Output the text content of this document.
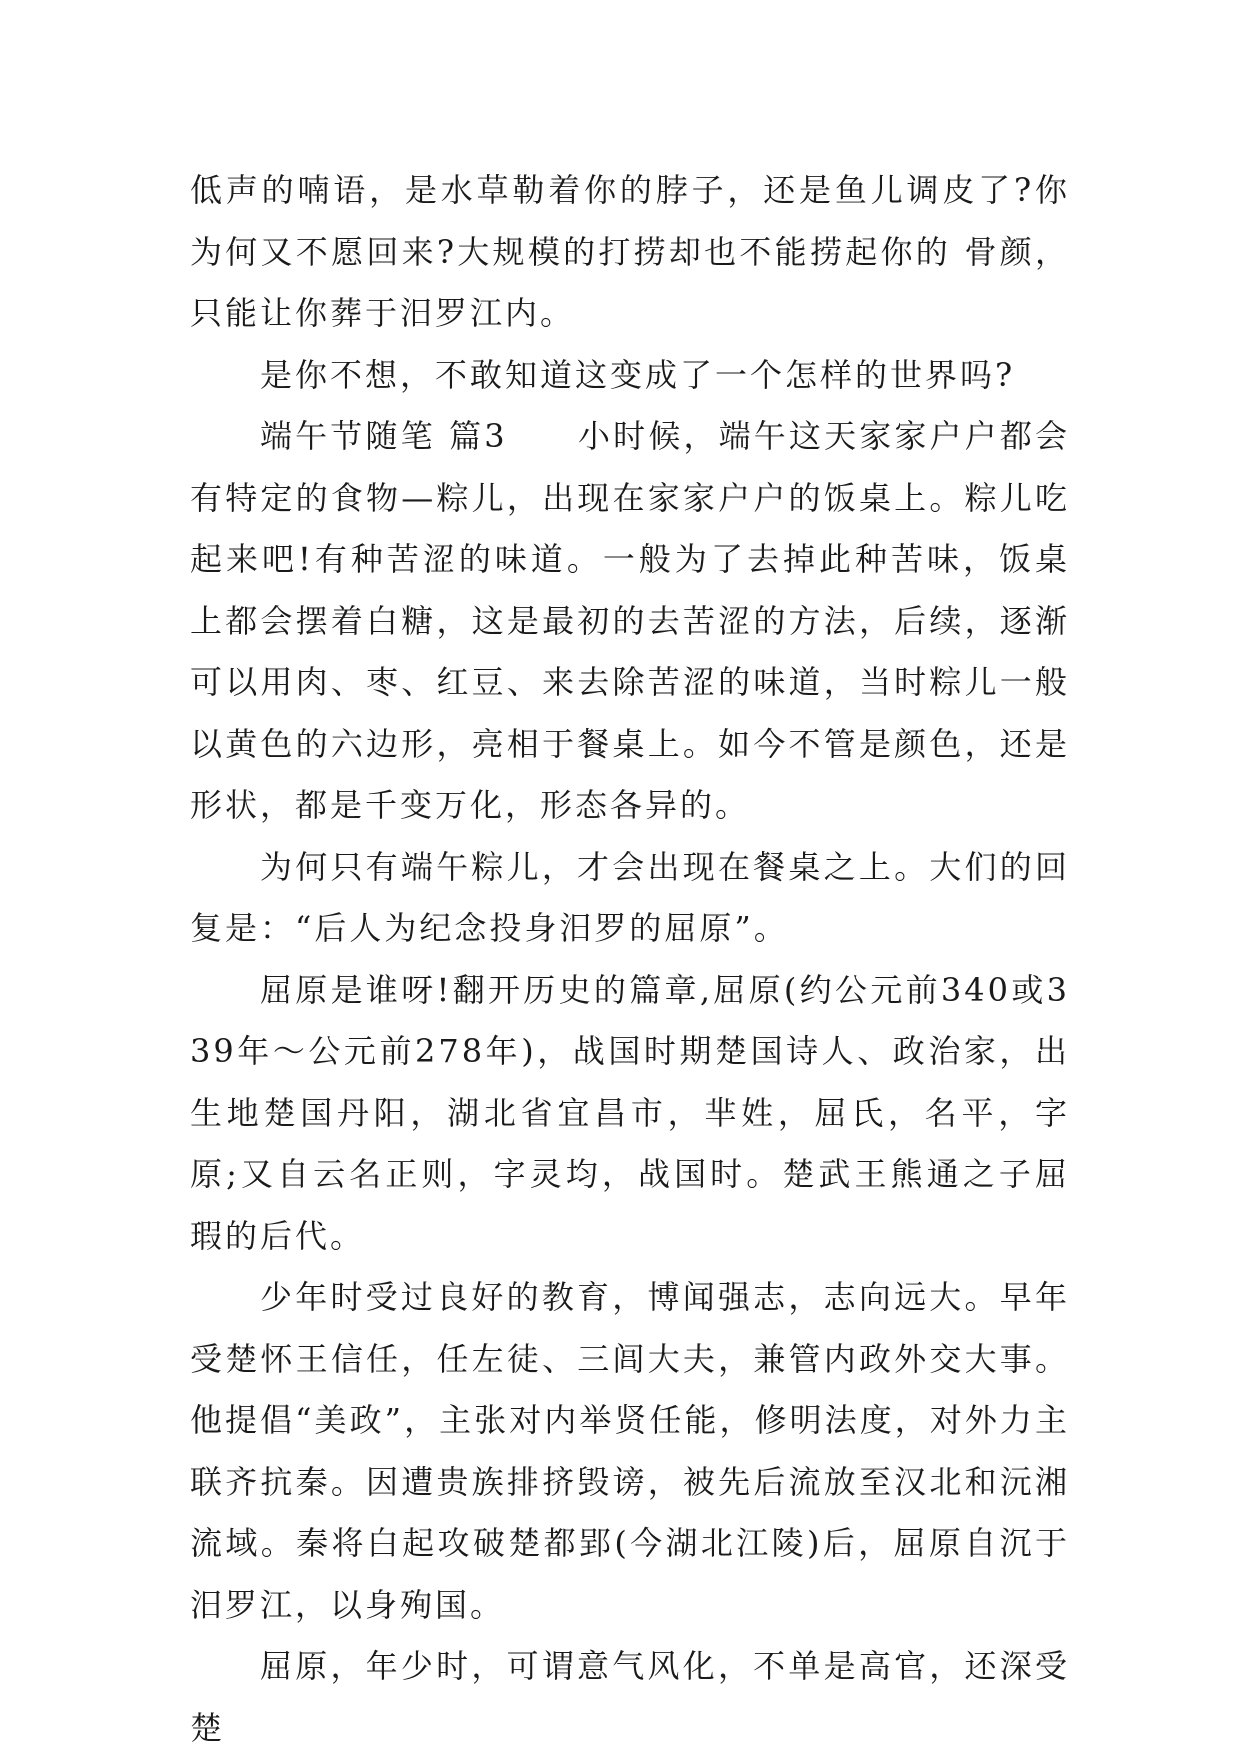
低声的喃语，是水草勒着你的脖子，还是鱼儿调皮了?你为何又不愿回来?大规模的打捞却也不能捞起你的 骨颜，只能让你葬于汨罗江内。

是你不想，不敢知道这变成了一个怎样的世界吗?

端午节随笔 篇3　　小时候，端午这天家家户户都会有特定的食物—粽儿，出现在家家户户的饭桌上。粽儿吃起来吧!有种苦涩的味道。一般为了去掉此种苦味，饭桌上都会摆着白糖，这是最初的去苦涩的方法，后续，逐渐可以用肉、枣、红豆、来去除苦涩的味道，当时粽儿一般以黄色的六边形，亮相于餐桌上。如今不管是颜色，还是形状，都是千变万化，形态各异的。

为何只有端午粽儿，才会出现在餐桌之上。大们的回复是：“后人为纪念投身汨罗的屈原”。

屈原是谁呀!翻开历史的篇章,屈原(约公元前340或339年～公元前278年)，战国时期楚国诗人、政治家，出生地楚国丹阳，湖北省宜昌市，芈姓，屈氏，名平，字原;又自云名正则，字灵均，战国时。楚武王熊通之子屈瑕的后代。

少年时受过良好的教育，博闻强志，志向远大。早年受楚怀王信任，任左徒、三闾大夫，兼管内政外交大事。 他提倡“美政”，主张对内举贤任能，修明法度，对外力主联齐抗秦。因遭贵族排挤毁谤，被先后流放至汉北和沅湘流域。秦将白起攻破楚都郢(今湖北江陵)后，屈原自沉于汨罗江，以身殉国。

屈原，年少时，可谓意气风化，不单是高官，还深受楚
